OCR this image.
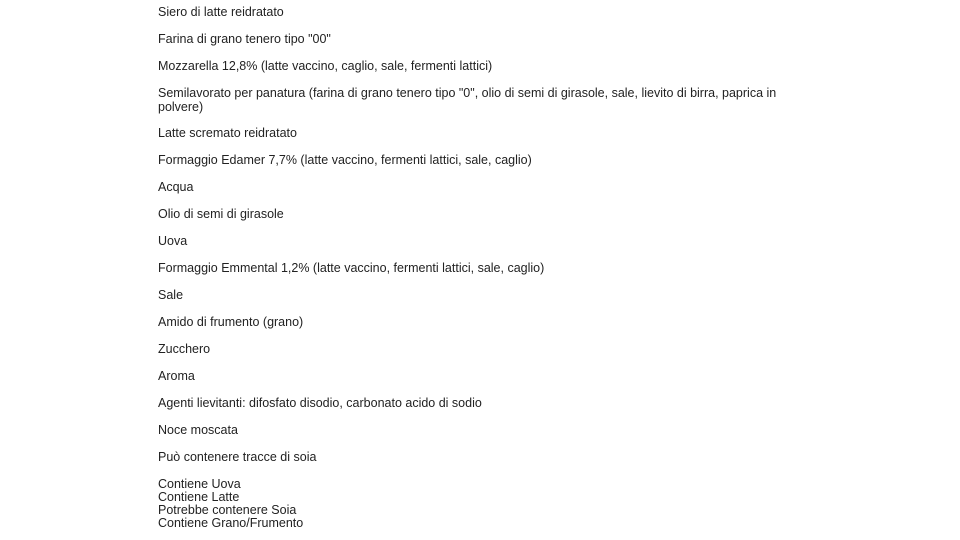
Siero di latte reidratato

Farina di grano tenero tipo "00"

Mozzarella 12,8% (latte vaccino, caglio, sale, fermenti lattici)

Semilavorato per panatura (farina di grano tenero tipo "0", olio di semi di girasole, sale, lievito di birra, paprica in polvere)

Latte scremato reidratato

Formaggio Edamer 7,7% (latte vaccino, fermenti lattici, sale, caglio)

Acqua

Olio di semi di girasole

Uova

Formaggio Emmental 1,2% (latte vaccino, fermenti lattici, sale, caglio)

Sale

Amido di frumento (grano)

Zucchero

Aroma

Agenti lievitanti: difosfato disodio, carbonato acido di sodio

Noce moscata

Può contenere tracce di soia

Contiene Uova

Contiene Latte

Potrebbe contenere Soia

Contiene Grano/Frumento
